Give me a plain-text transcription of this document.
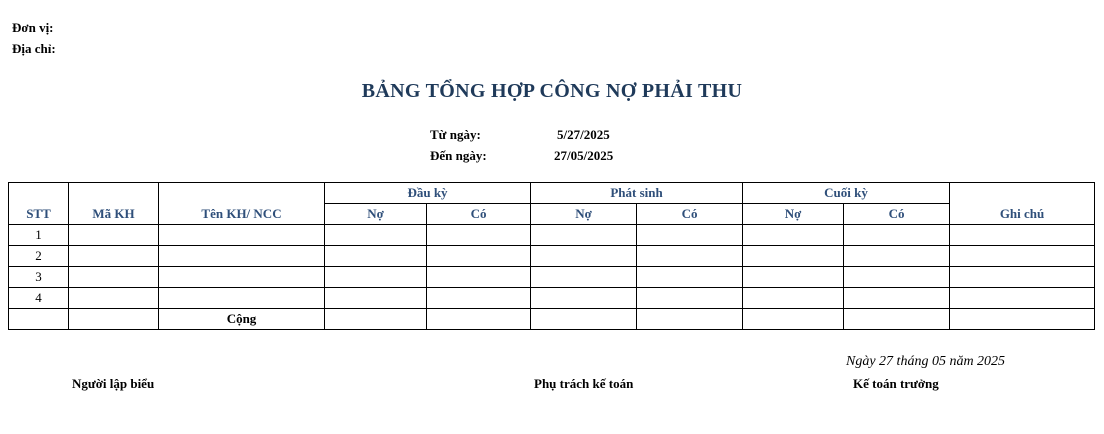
Đơn vị:
Địa chỉ:
BẢNG TỔNG HỢP CÔNG NỢ PHẢI THU
Từ ngày:	5/27/2025
Đến ngày:	27/05/2025
STT	Mã KH	Tên KH/ NCC	Đầu kỳ		Phát sinh		Cuối kỳ		Ghi chú
			Nợ	Có	Nợ	Có	Nợ	Có	
1									
2									
3									
4									
		Cộng							
Ngày 27 tháng 05 năm 2025
Người lập biểu	Phụ trách kế toán	Kế toán trưởng
